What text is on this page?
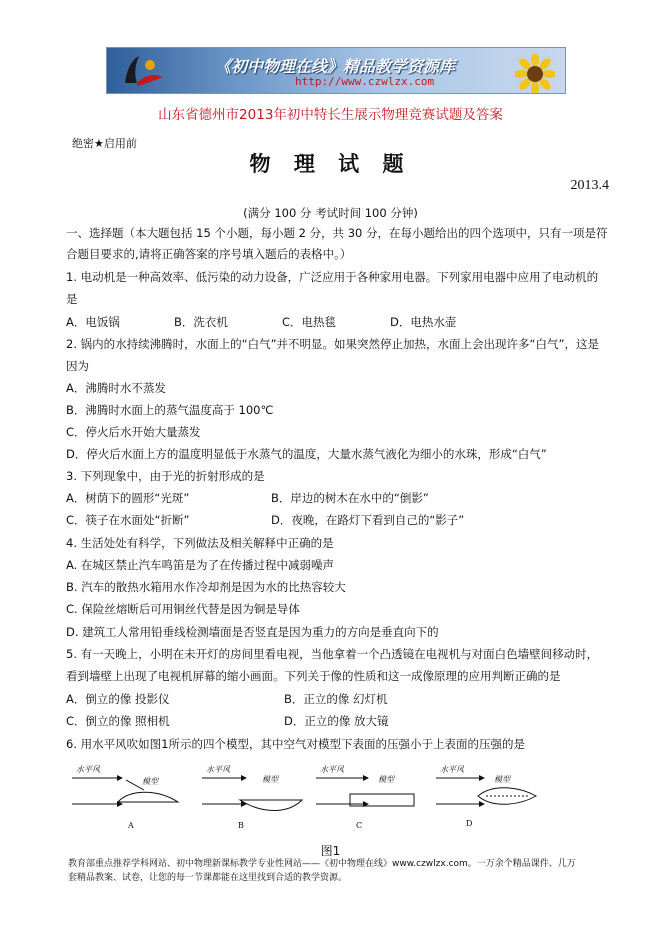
《初中物理在线》精品教学资源库
http://www.czwlzx.com
山东省德州市2013年初中特长生展示物理竞赛试题及答案
绝密★启用前
物 理 试 题
2013.4
(满分 100 分 考试时间 100 分钟)
一、选择题（本大题包括 15 个小题，每小题 2 分，共 30 分，在每小题给出的四个选项中，只有一项是符
合题目要求的,请将正确答案的序号填入题后的表格中。）
1. 电动机是一种高效率、低污染的动力设备，广泛应用于各种家用电器。下列家用电器中应用了电动机的
是
A．电饭锅	B．洗衣机	C．电热毯	D．电热水壶
2. 锅内的水持续沸腾时，水面上的“白气”并不明显。如果突然停止加热，水面上会出现许多“白气”，这是
因为
A．沸腾时水不蒸发
B．沸腾时水面上的蒸气温度高于 100℃
C．停火后水开始大量蒸发
D．停火后水面上方的温度明显低于水蒸气的温度，大量水蒸气液化为细小的水珠，形成“白气”
3. 下列现象中，由于光的折射形成的是
A．树荫下的圆形“光斑”	B．岸边的树木在水中的“倒影”
C．筷子在水面处“折断”	D．夜晚，在路灯下看到自己的“影子”
4. 生活处处有科学，下列做法及相关解释中正确的是
A. 在城区禁止汽车鸣笛是为了在传播过程中减弱噪声
B. 汽车的散热水箱用水作冷却剂是因为水的比热容较大
C. 保险丝熔断后可用铜丝代替是因为铜是导体
D. 建筑工人常用铅垂线检测墙面是否竖直是因为重力的方向是垂直向下的
5. 有一天晚上，小明在未开灯的房间里看电视，当他拿着一个凸透镜在电视机与对面白色墙壁间移动时，
看到墙壁上出现了电视机屏幕的缩小画面。下列关于像的性质和这一成像原理的应用判断正确的是
A．倒立的像 投影仪	B．正立的像 幻灯机
C．倒立的像 照相机	D．正立的像 放大镜
6. 用水平风吹如图1所示的四个模型，其中空气对模型下表面的压强小于上表面的压强的是
水平风
模型
A
水平风
模型
B
水平风
模型
C
水平风
模型
D
图1
教育部重点推荐学科网站、初中物理新课标教学专业性网站——《初中物理在线》www.czwlzx.com。一万余个精品课件、几万
套精品教案、试卷，让您的每一节课都能在这里找到合适的教学资源。
